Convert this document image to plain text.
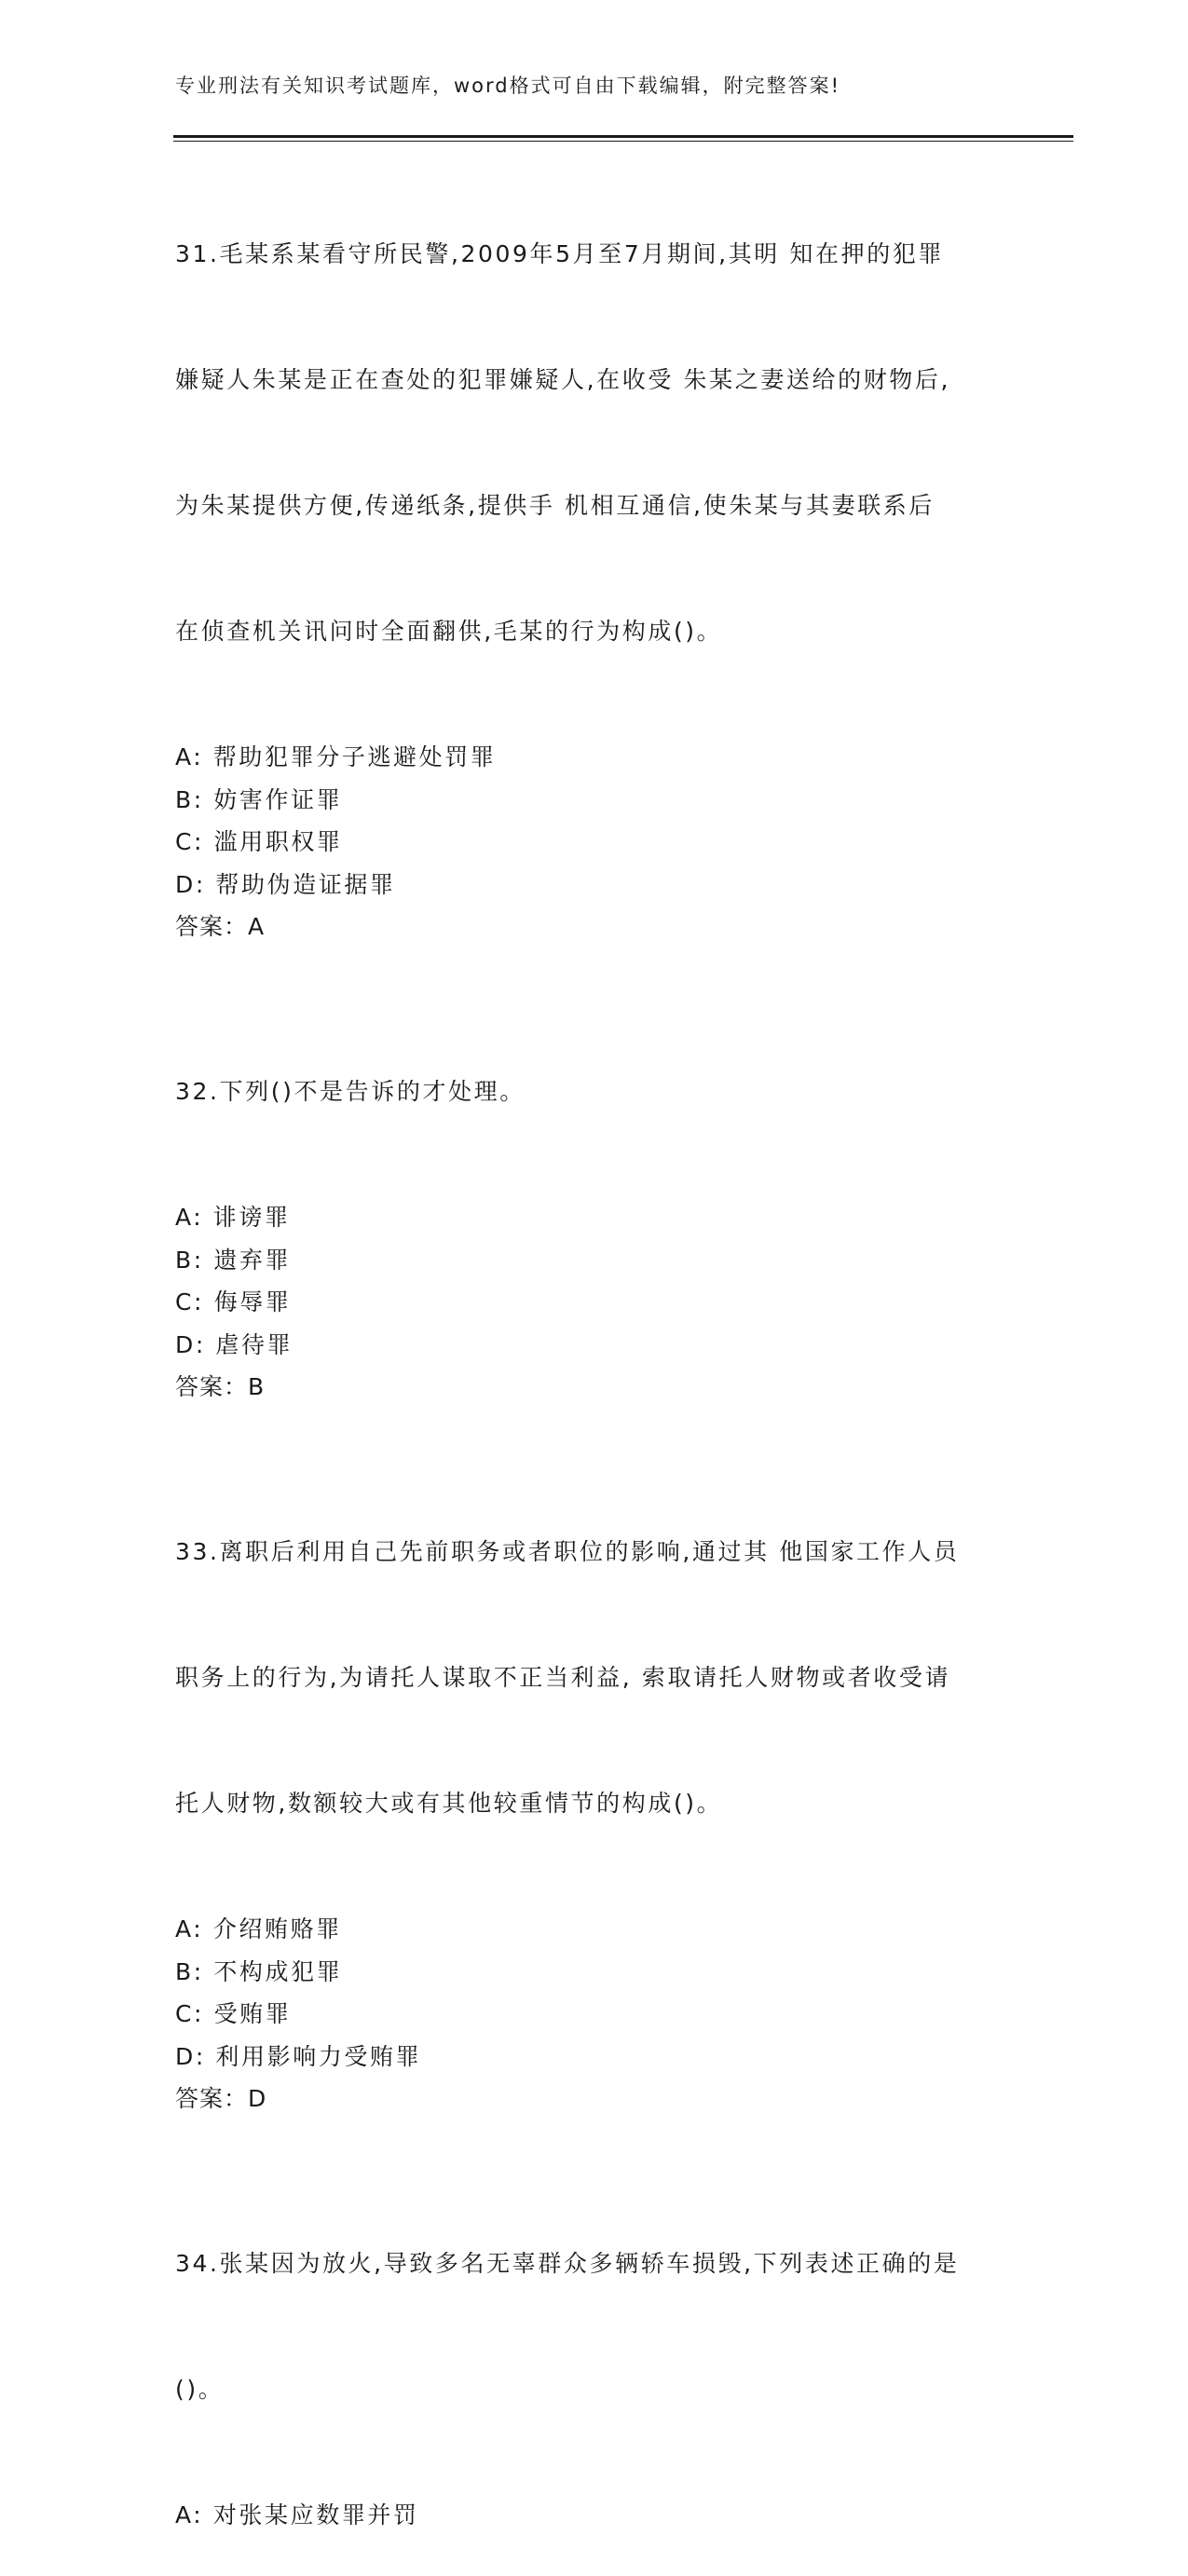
专业刑法有关知识考试题库，word格式可自由下载编辑，附完整答案!

31.毛某系某看守所民警,2009年5月至7月期间,其明 知在押的犯罪

嫌疑人朱某是正在查处的犯罪嫌疑人,在收受 朱某之妻送给的财物后,

为朱某提供方便,传递纸条,提供手 机相互通信,使朱某与其妻联系后

在侦查机关讯问时全面翻供,毛某的行为构成()。

A: 帮助犯罪分子逃避处罚罪
B: 妨害作证罪
C: 滥用职权罪
D: 帮助伪造证据罪
答案：A

32.下列()不是告诉的才处理。

A: 诽谤罪
B: 遗弃罪
C: 侮辱罪
D: 虐待罪
答案：B

33.离职后利用自己先前职务或者职位的影响,通过其 他国家工作人员

职务上的行为,为请托人谋取不正当利益, 索取请托人财物或者收受请

托人财物,数额较大或有其他较重情节的构成()。

A: 介绍贿赂罪
B: 不构成犯罪
C: 受贿罪
D: 利用影响力受贿罪
答案：D

34.张某因为放火,导致多名无辜群众多辆轿车损毁,下列表述正确的是

()。

A: 对张某应数罪并罚
